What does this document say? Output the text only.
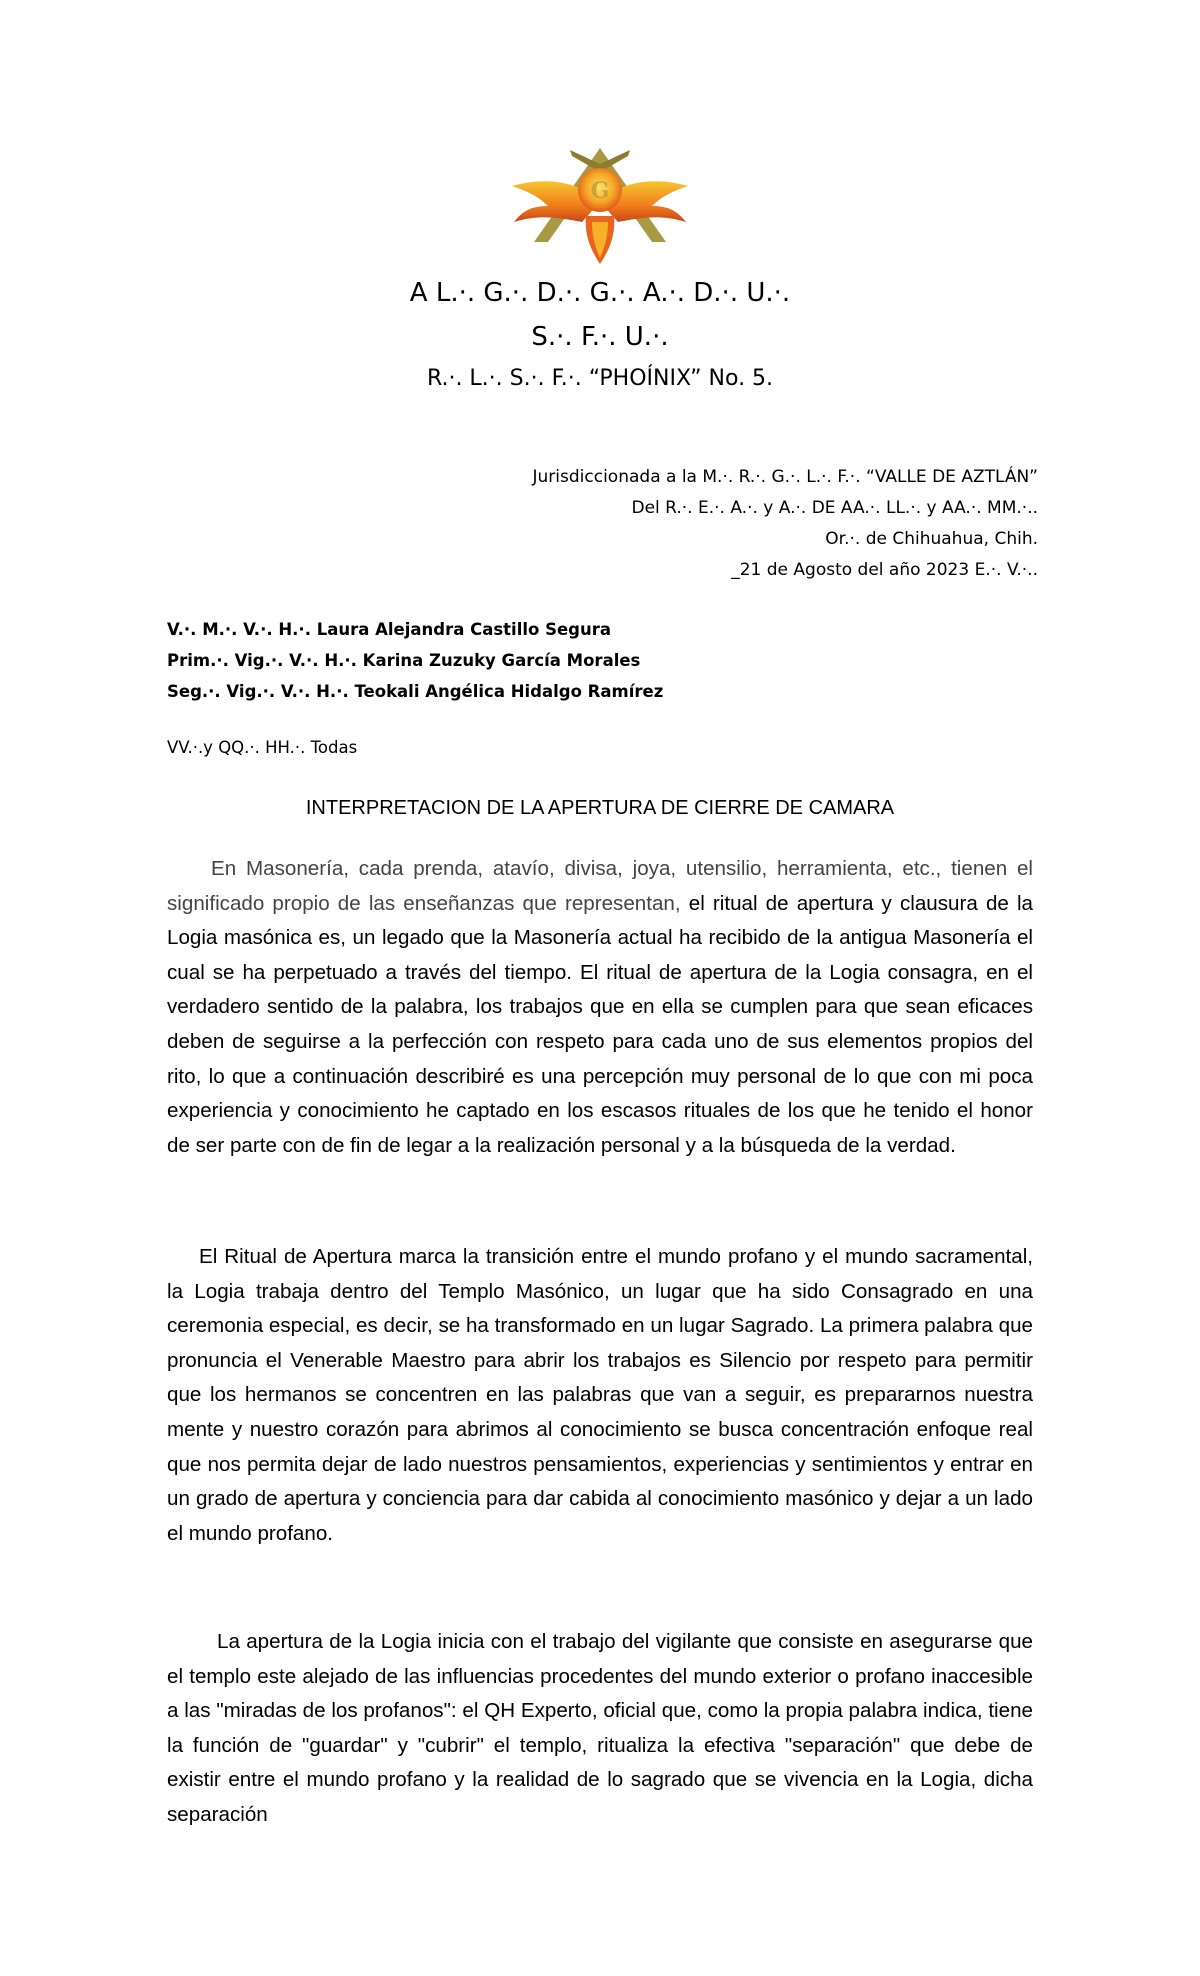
G
A L.·. G.·. D.·. G.·. A.·. D.·. U.·.
S.·. F.·. U.·.
R.·. L.·. S.·. F.·. “PHOÍNIX” No. 5.
Jurisdiccionada a la M.·. R.·. G.·. L.·. F.·. “VALLE DE AZTLÁN”
Del R.·. E.·. A.·. y A.·. DE AA.·. LL.·. y AA.·. MM.·..
Or.·. de Chihuahua, Chih.
_21 de Agosto del año 2023 E.·. V.·..
V.·. M.·. V.·. H.·. Laura Alejandra Castillo Segura
Prim.·. Vig.·. V.·. H.·. Karina Zuzuky García Morales
Seg.·. Vig.·. V.·. H.·. Teokali Angélica Hidalgo Ramírez
VV.·.y QQ.·. HH.·. Todas
INTERPRETACION DE LA APERTURA DE CIERRE DE CAMARA

En Masonería, cada prenda, atavío, divisa, joya, utensilio, herramienta, etc., tienen el significado propio de las enseñanzas que representan, el ritual de apertura y clausura de la Logia masónica es, un legado que la Masonería actual ha recibido de la antigua Masonería el cual se ha perpetuado a través del tiempo. El ritual de apertura de la Logia consagra, en el verdadero sentido de la palabra, los trabajos que en ella se cumplen para que sean eficaces deben de seguirse a la perfección con respeto para cada uno de sus elementos propios del rito, lo que a continuación describiré es una percepción muy personal de lo que con mi poca experiencia y conocimiento he captado en los escasos rituales de los que he tenido el honor de ser parte con de fin de legar a la realización personal y a la búsqueda de la verdad.

El Ritual de Apertura marca la transición entre el mundo profano y el mundo sacramental, la Logia trabaja dentro del Templo Masónico, un lugar que ha sido Consagrado en una ceremonia especial, es decir, se ha transformado en un lugar Sagrado. La primera palabra que pronuncia el Venerable Maestro para abrir los trabajos es Silencio por respeto para permitir que los hermanos se concentren en las palabras que van a seguir, es prepararnos nuestra mente y nuestro corazón para abrimos al conocimiento se busca concentración enfoque real que nos permita dejar de lado nuestros pensamientos, experiencias y sentimientos y entrar en un grado de apertura y conciencia para dar cabida al conocimiento masónico y dejar a un lado el mundo profano.

La apertura de la Logia inicia con el trabajo del vigilante que consiste en asegurarse que el templo este alejado de las influencias procedentes del mundo exterior o profano inaccesible a las "miradas de los profanos": el QH Experto, oficial que, como la propia palabra indica, tiene la función de "guardar" y "cubrir" el templo, ritualiza la efectiva "separación" que debe de existir entre el mundo profano y la realidad de lo sagrado que se vivencia en la Logia, dicha separación
